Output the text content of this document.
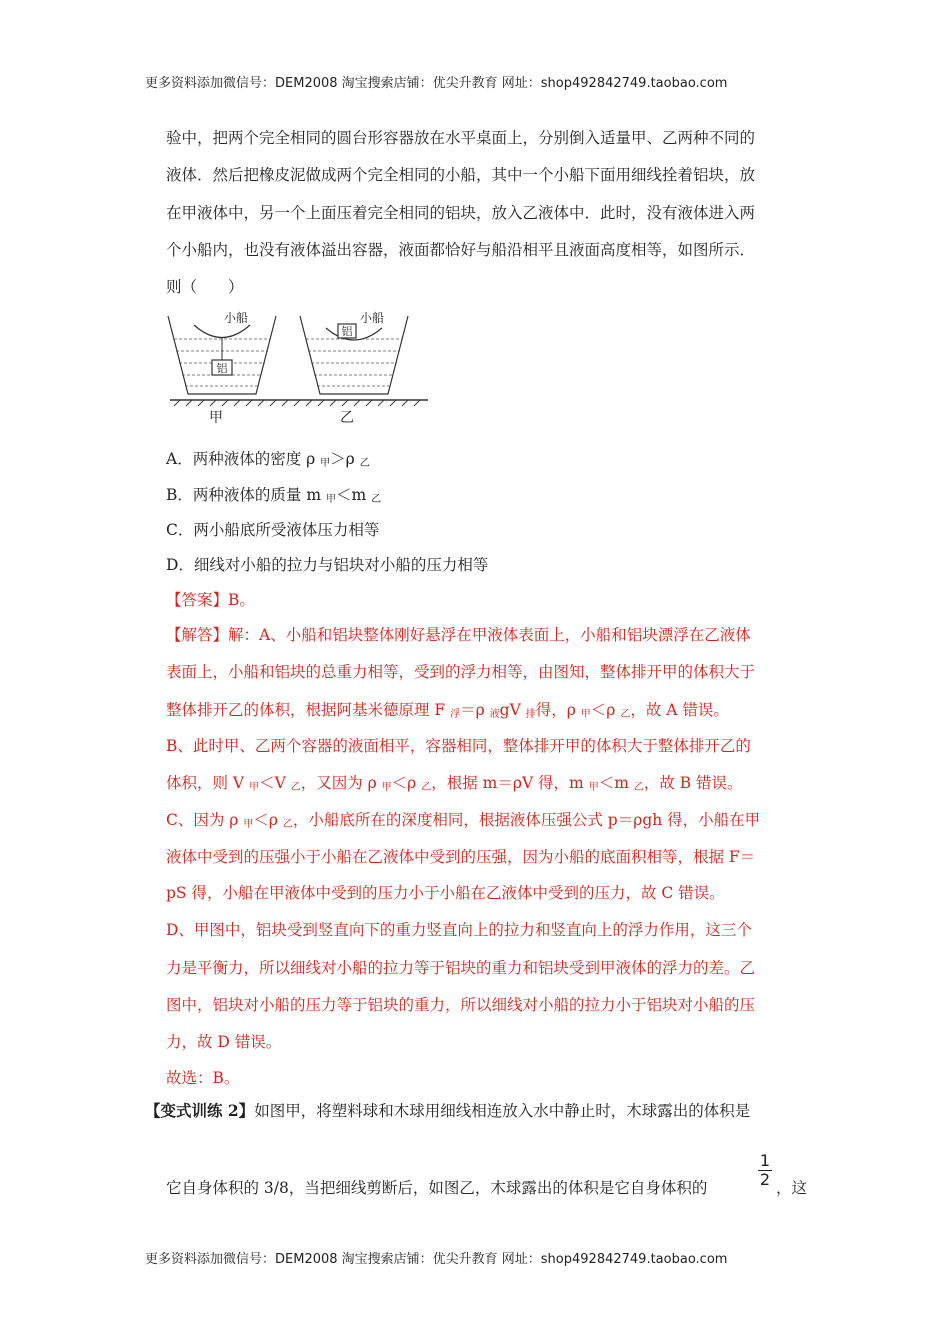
更多资料添加微信号：DEM2008 淘宝搜索店铺：优尖升教育 网址：shop492842749.taobao.com
验中，把两个完全相同的圆台形容器放在水平桌面上，分别倒入适量甲、乙两种不同的
液体．然后把橡皮泥做成两个完全相同的小船，其中一个小船下面用细线拴着铝块，放
在甲液体中，另一个上面压着完全相同的铝块，放入乙液体中．此时，没有液体进入两
个小船内，也没有液体溢出容器，液面都恰好与船沿相平且液面高度相等，如图所示．
则（　　）
铝
小船
铝
小船
甲	乙
A．两种液体的密度 ρ $_甲$＞ρ $_乙$
B．两种液体的质量 m $_甲$＜m $_乙$
C．两小船底所受液体压力相等
D．细线对小船的拉力与铝块对小船的压力相等
【答案】B。
【解答】解：A、小船和铝块整体刚好悬浮在甲液体表面上，小船和铝块漂浮在乙液体
表面上，小船和铝块的总重力相等，受到的浮力相等，由图知，整体排开甲的体积大于
整体排开乙的体积，根据阿基米德原理 F $_浮$＝ρ $_液$gV $_排$得，ρ $_甲$＜ρ $_乙$，故 A 错误。
B、此时甲、乙两个容器的液面相平，容器相同，整体排开甲的体积大于整体排开乙的
体积，则 V $_甲$＜V $_乙$，又因为 ρ $_甲$＜ρ $_乙$，根据 m＝ρV 得，m $_甲$＜m $_乙$，故 B 错误。
C、因为 ρ $_甲$＜ρ $_乙$，小船底所在的深度相同，根据液体压强公式 p＝ρgh 得，小船在甲
液体中受到的压强小于小船在乙液体中受到的压强，因为小船的底面积相等，根据 F＝
pS 得，小船在甲液体中受到的压力小于小船在乙液体中受到的压力，故 C 错误。
D、甲图中，铝块受到竖直向下的重力竖直向上的拉力和竖直向上的浮力作用，这三个
力是平衡力，所以细线对小船的拉力等于铝块的重力和铝块受到甲液体的浮力的差。乙
图中，铝块对小船的压力等于铝块的重力，所以细线对小船的拉力小于铝块对小船的压
力，故 D 错误。
故选：B。
【变式训练 2】如图甲，将塑料球和木球用细线相连放入水中静止时，木球露出的体积是
它自身体积的 3/8，当把细线剪断后，如图乙，木球露出的体积是它自身体积的	$\frac{1}{2}$ ，这
更多资料添加微信号：DEM2008 淘宝搜索店铺：优尖升教育 网址：shop492842749.taobao.com
